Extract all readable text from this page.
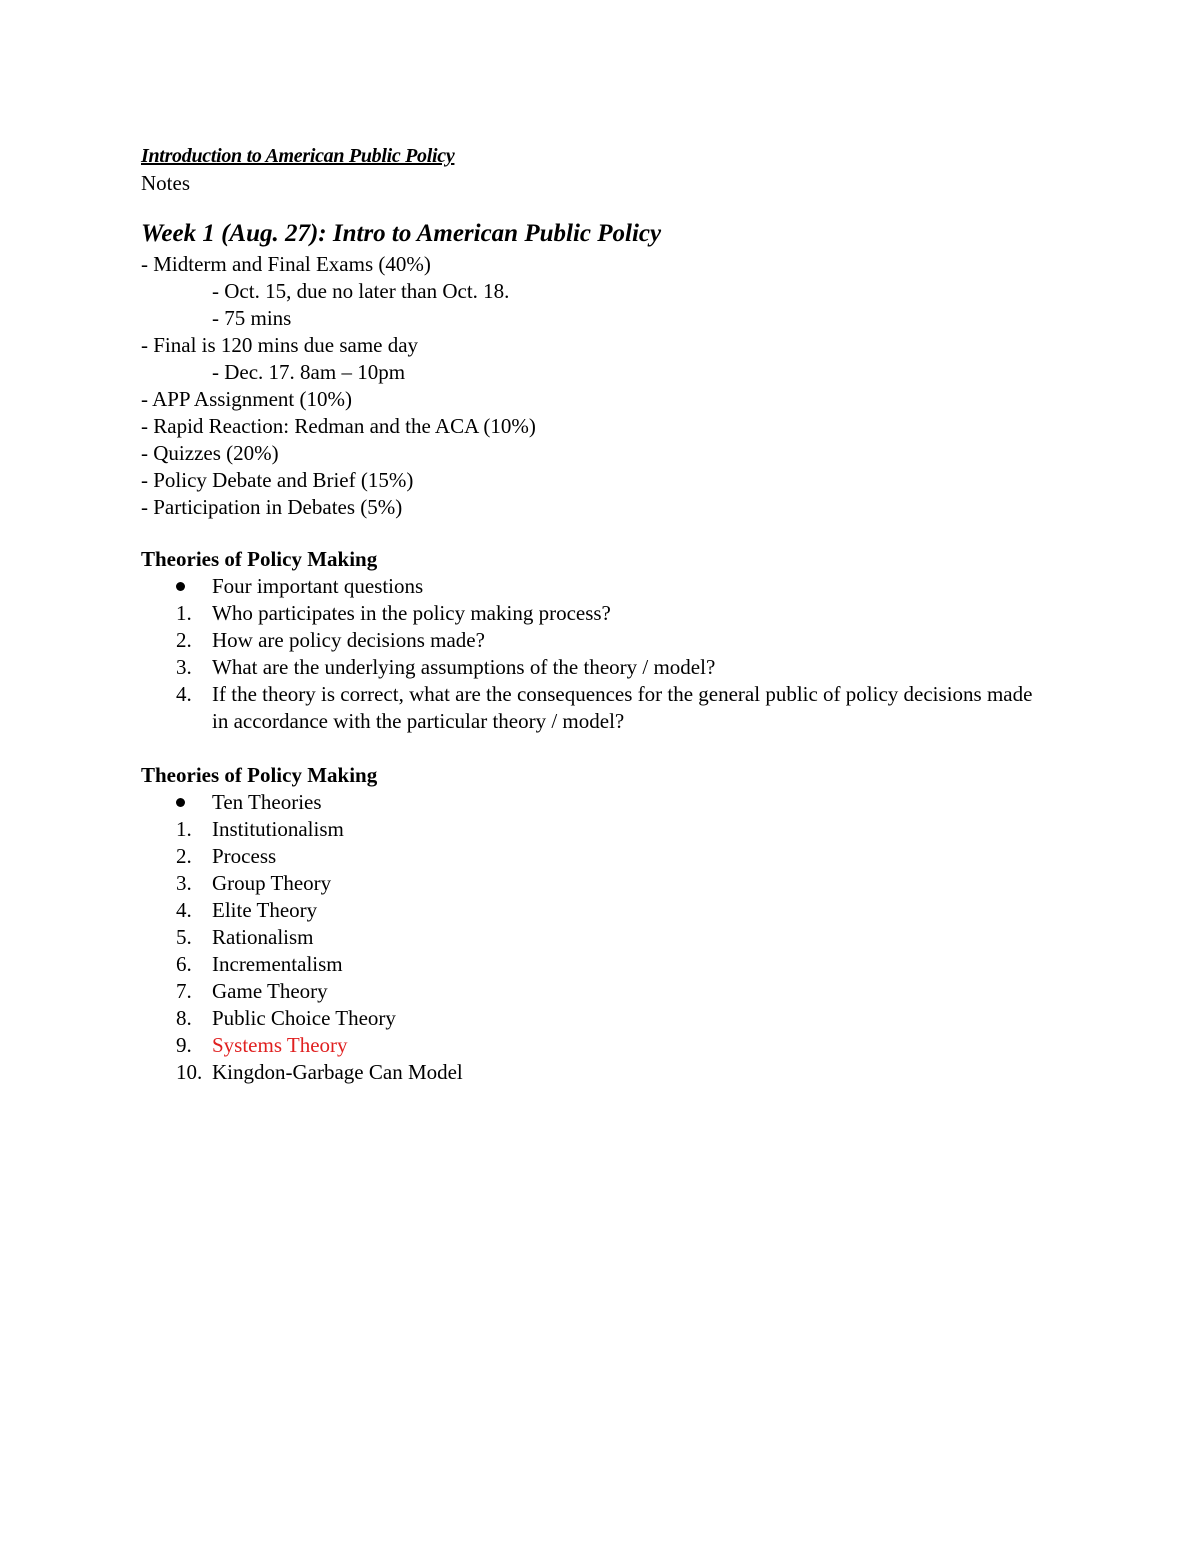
Introduction to American Public Policy
Notes
Week 1 (Aug. 27): Intro to American Public Policy
- Midterm and Final Exams (40%)
- Oct. 15, due no later than Oct. 18.
- 75 mins
- Final is 120 mins due same day
- Dec. 17. 8am – 10pm
- APP Assignment (10%)
- Rapid Reaction: Redman and the ACA (10%)
- Quizzes (20%)
- Policy Debate and Brief (15%)
- Participation in Debates (5%)
Theories of Policy Making
Four important questions
1. Who participates in the policy making process?
2. How are policy decisions made?
3. What are the underlying assumptions of the theory / model?
4. If the theory is correct, what are the consequences for the general public of policy decisions made in accordance with the particular theory / model?
Theories of Policy Making
Ten Theories
1. Institutionalism
2. Process
3. Group Theory
4. Elite Theory
5. Rationalism
6. Incrementalism
7. Game Theory
8. Public Choice Theory
9. Systems Theory
10. Kingdon-Garbage Can Model
